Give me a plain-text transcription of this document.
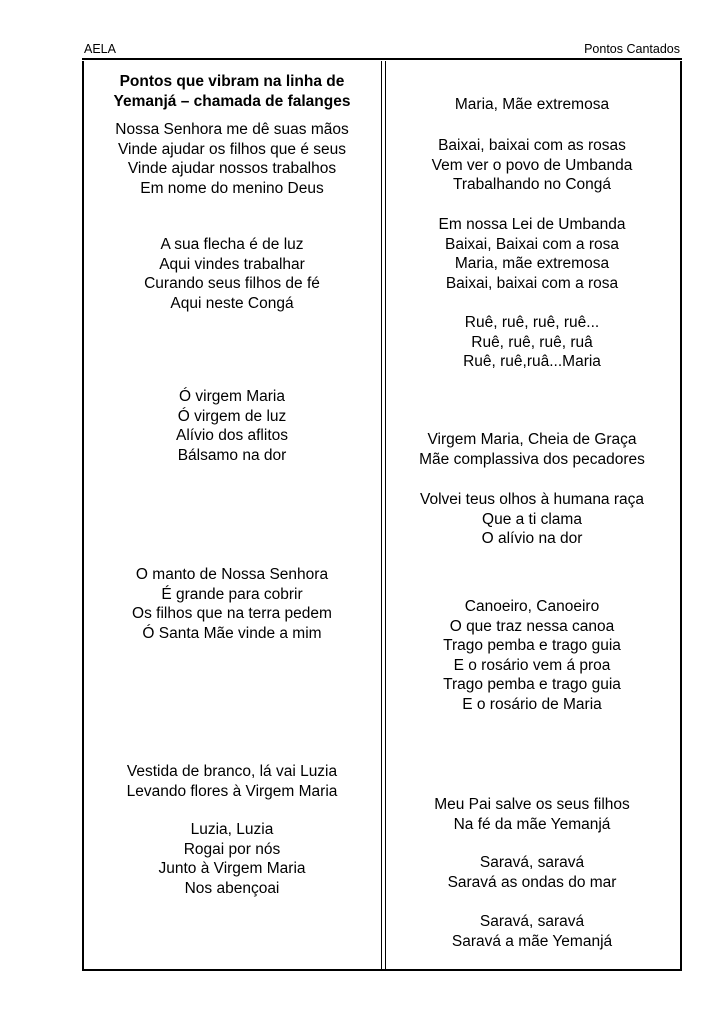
AELA	Pontos Cantados
Pontos que vibram na linha de
Yemanjá – chamada de falanges
Nossa Senhora me dê suas mãos
Vinde ajudar os filhos que é seus
Vinde ajudar nossos trabalhos
Em nome do menino Deus
A sua flecha é de luz
Aqui vindes trabalhar
Curando seus filhos de fé
Aqui neste Congá
Ó virgem Maria
Ó virgem de luz
Alívio dos aflitos
Bálsamo na dor
O manto de Nossa Senhora
É grande para cobrir
Os filhos que na terra pedem
Ó Santa Mãe vinde a mim
Vestida de branco, lá vai Luzia
Levando flores à Virgem Maria
Luzia, Luzia
Rogai por nós
Junto à Virgem Maria
Nos abençoai
Maria, Mãe extremosa
Baixai, baixai com as rosas
Vem ver o povo de Umbanda
Trabalhando no Congá
Em nossa Lei de Umbanda
Baixai, Baixai com a rosa
Maria, mãe extremosa
Baixai, baixai com a rosa
Ruê, ruê, ruê, ruê...
Ruê, ruê, ruê, ruâ
Ruê, ruê,ruâ...Maria
Virgem Maria, Cheia de Graça
Mãe complassiva dos pecadores
Volvei teus olhos à humana raça
Que a ti clama
O alívio na dor
Canoeiro, Canoeiro
O que traz nessa canoa
Trago pemba e trago guia
E o rosário vem á proa
Trago pemba e trago guia
E o rosário de Maria
Meu Pai salve os seus filhos
Na fé da mãe Yemanjá
Saravá, saravá
Saravá as ondas do mar
Saravá, saravá
Saravá a mãe Yemanjá
